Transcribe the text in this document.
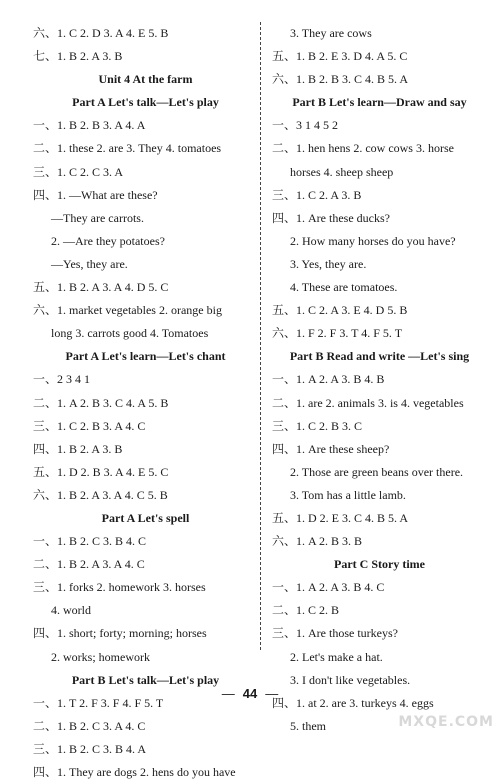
六、1. C 2. D 3. A 4. E 5. B
七、1. B 2. A 3. B
Unit 4 At the farm
Part A Let's talk—Let's play
一、1. B 2. B 3. A 4. A
二、1. these 2. are 3. They 4. tomatoes
三、1. C 2. C 3. A
四、1. —What are these?
—They are carrots.
2. —Are they potatoes?
—Yes, they are.
五、1. B 2. A 3. A 4. D 5. C
六、1. market vegetables 2. orange big
long 3. carrots good 4. Tomatoes
Part A Let's learn—Let's chant
一、2 3 4 1
二、1. A 2. B 3. C 4. A 5. B
三、1. C 2. B 3. A 4. C
四、1. B 2. A 3. B
五、1. D 2. B 3. A 4. E 5. C
六、1. B 2. A 3. A 4. C 5. B
Part A Let's spell
一、1. B 2. C 3. B 4. C
二、1. B 2. A 3. A 4. C
三、1. forks 2. homework 3. horses
4. world
四、1. short; forty; morning; horses
2. works; homework
Part B Let's talk—Let's play
一、1. T 2. F 3. F 4. F 5. T
二、1. B 2. C 3. A 4. C
三、1. B 2. C 3. B 4. A
四、1. They are dogs 2. hens do you have
3. They are cows
五、1. B 2. E 3. D 4. A 5. C
六、1. B 2. B 3. C 4. B 5. A
Part B Let's learn—Draw and say
一、3 1 4 5 2
二、1. hen hens 2. cow cows 3. horse
horses 4. sheep sheep
三、1. C 2. A 3. B
四、1. Are these ducks?
2. How many horses do you have?
3. Yes, they are.
4. These are tomatoes.
五、1. C 2. A 3. E 4. D 5. B
六、1. F 2. F 3. T 4. F 5. T
Part B Read and write —Let's sing
一、1. A 2. A 3. B 4. B
二、1. are 2. animals 3. is 4. vegetables
三、1. C 2. B 3. C
四、1. Are these sheep?
2. Those are green beans over there.
3. Tom has a little lamb.
五、1. D 2. E 3. C 4. B 5. A
六、1. A 2. B 3. B
Part C Story time
一、1. A 2. A 3. B 4. C
二、1. C 2. B
三、1. Are those turkeys?
2. Let's make a hat.
3. I don't like vegetables.
四、1. at 2. are 3. turkeys 4. eggs
5. them
— 44 —
MXQE.COM
